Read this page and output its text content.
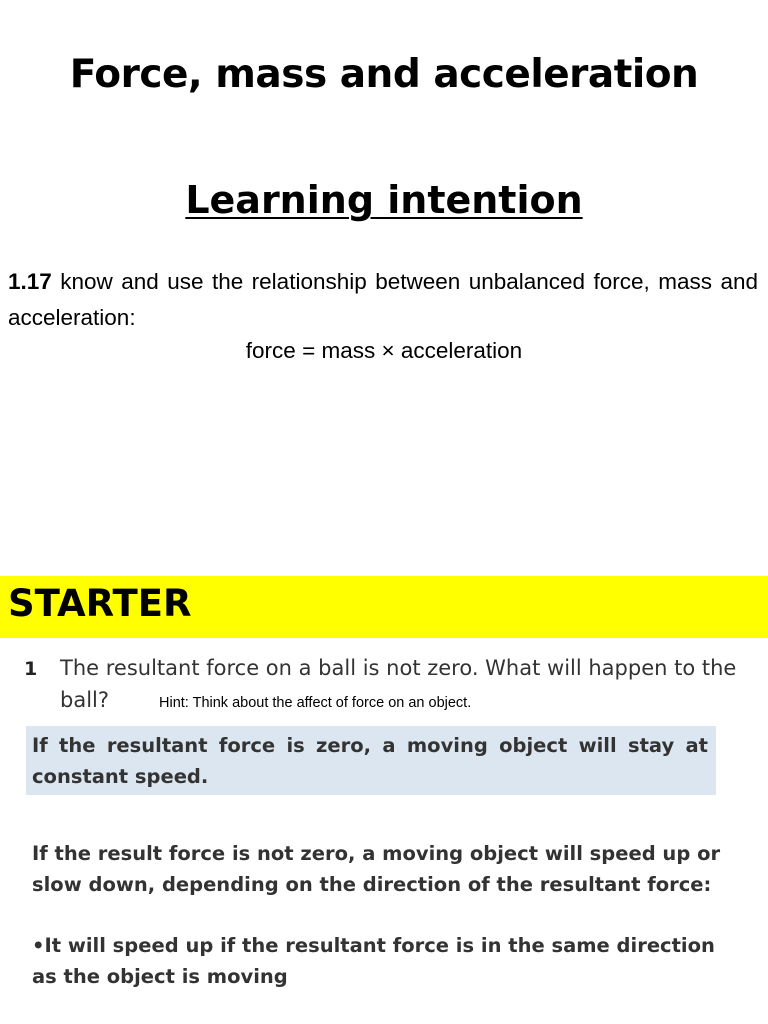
Force, mass and acceleration
Learning intention

1.17 know and use the relationship between unbalanced force, mass and acceleration:

force = mass × acceleration

STARTER

1 The resultant force on a ball is not zero. What will happen to the ball?	Hint: Think about the affect of force on an object.

If the resultant force is zero, a moving object will stay at constant speed.

If the result force is not zero, a moving object will speed up or slow down, depending on the direction of the resultant force:

•It will speed up if the resultant force is in the same direction as the object is moving
